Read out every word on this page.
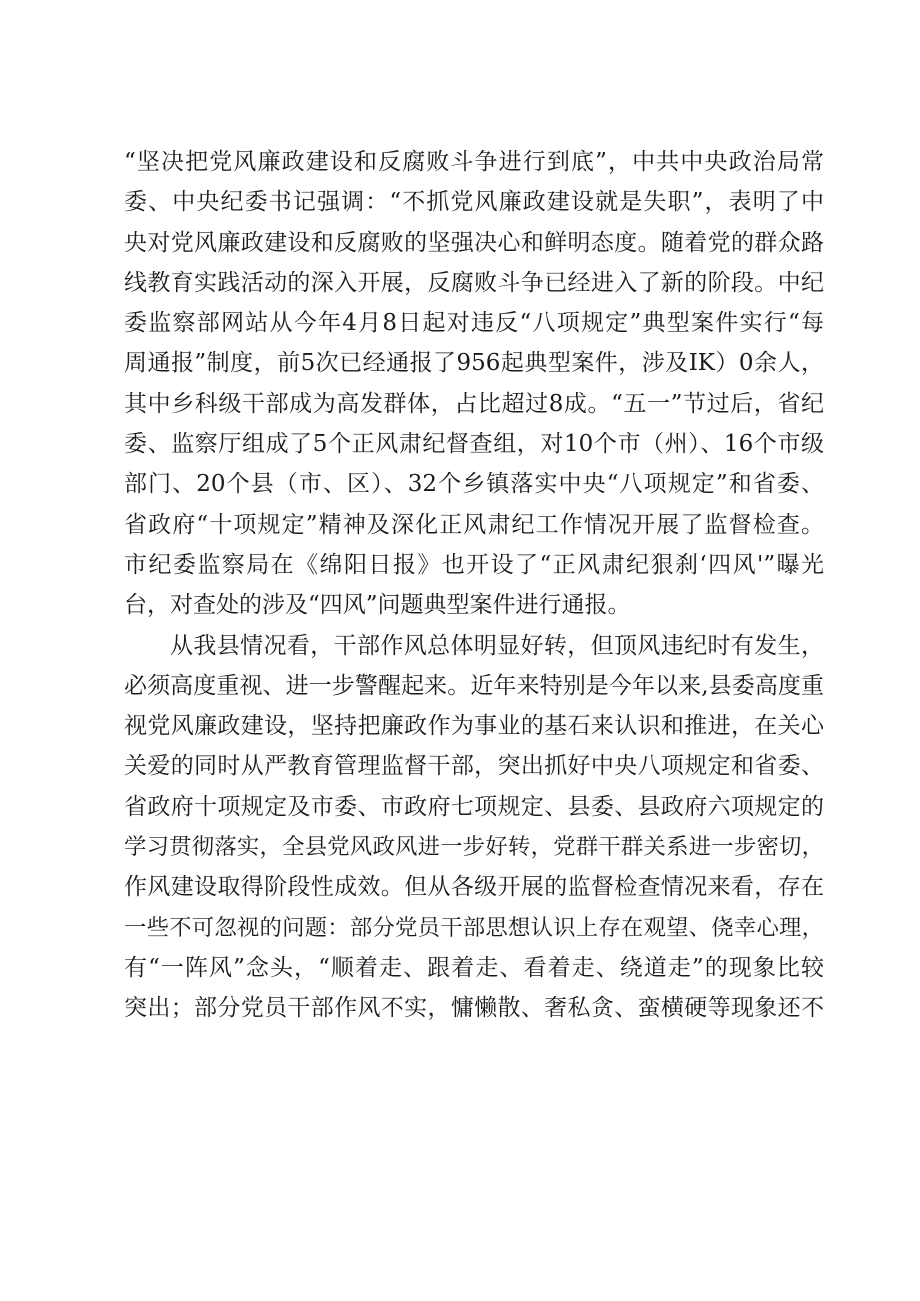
“坚决把党风廉政建设和反腐败斗争进行到底”，中共中央政治局常
委、中央纪委书记强调：“不抓党风廉政建设就是失职”，表明了中
央对党风廉政建设和反腐败的坚强决心和鲜明态度。随着党的群众路
线教育实践活动的深入开展，反腐败斗争已经进入了新的阶段。中纪
委监察部网站从今年4月8日起对违反“八项规定”典型案件实行“每
周通报”制度，前5次已经通报了956起典型案件，涉及IK）0余人，
其中乡科级干部成为高发群体，占比超过8成。“五一”节过后，省纪
委、监察厅组成了5个正风肃纪督查组，对10个市（州）、16个市级
部门、20个县（市、区）、32个乡镇落实中央“八项规定”和省委、
省政府“十项规定”精神及深化正风肃纪工作情况开展了监督检查。
市纪委监察局在《绵阳日报》也开设了“正风肃纪狠刹‘四风'”曝光
台，对查处的涉及“四风”问题典型案件进行通报。
从我县情况看，干部作风总体明显好转，但顶风违纪时有发生，
必须高度重视、进一步警醒起来。近年来特别是今年以来,县委高度重
视党风廉政建设，坚持把廉政作为事业的基石来认识和推进，在关心
关爱的同时从严教育管理监督干部，突出抓好中央八项规定和省委、
省政府十项规定及市委、市政府七项规定、县委、县政府六项规定的
学习贯彻落实，全县党风政风进一步好转，党群干群关系进一步密切，
作风建设取得阶段性成效。但从各级开展的监督检查情况来看，存在
一些不可忽视的问题：部分党员干部思想认识上存在观望、侥幸心理，
有“一阵风”念头，“顺着走、跟着走、看着走、绕道走”的现象比较
突出；部分党员干部作风不实，慵懒散、奢私贪、蛮横硬等现象还不
